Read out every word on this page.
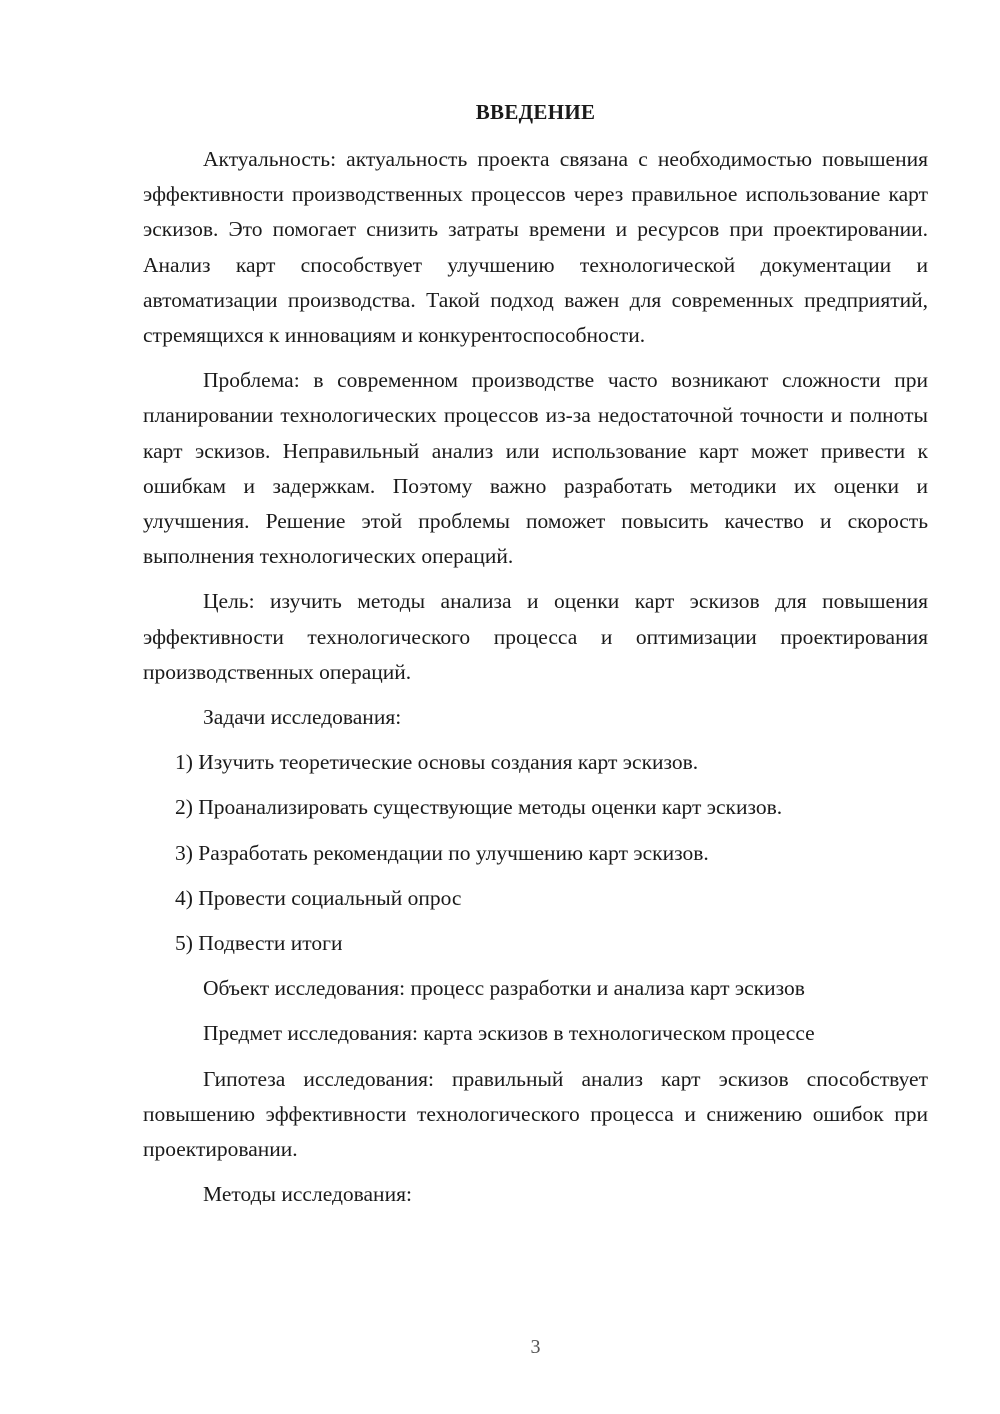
ВВЕДЕНИЕ

Актуальность: актуальность проекта связана с необходимостью повышения эффективности производственных процессов через правильное использование карт эскизов. Это помогает снизить затраты времени и ресурсов при проектировании. Анализ карт способствует улучшению технологической документации и автоматизации производства. Такой подход важен для современных предприятий, стремящихся к инновациям и конкурентоспособности.

Проблема: в современном производстве часто возникают сложности при планировании технологических процессов из-за недостаточной точности и полноты карт эскизов. Неправильный анализ или использование карт может привести к ошибкам и задержкам. Поэтому важно разработать методики их оценки и улучшения. Решение этой проблемы поможет повысить качество и скорость выполнения технологических операций.

Цель: изучить методы анализа и оценки карт эскизов для повышения эффективности технологического процесса и оптимизации проектирования производственных операций.

Задачи исследования:

1) Изучить теоретические основы создания карт эскизов.

2) Проанализировать существующие методы оценки карт эскизов.

3) Разработать рекомендации по улучшению карт эскизов.

4) Провести социальный опрос

5) Подвести итоги

Объект исследования: процесс разработки и анализа карт эскизов

Предмет исследования: карта эскизов в технологическом процессе

Гипотеза исследования: правильный анализ карт эскизов способствует повышению эффективности технологического процесса и снижению ошибок при проектировании.

Методы исследования:

3
